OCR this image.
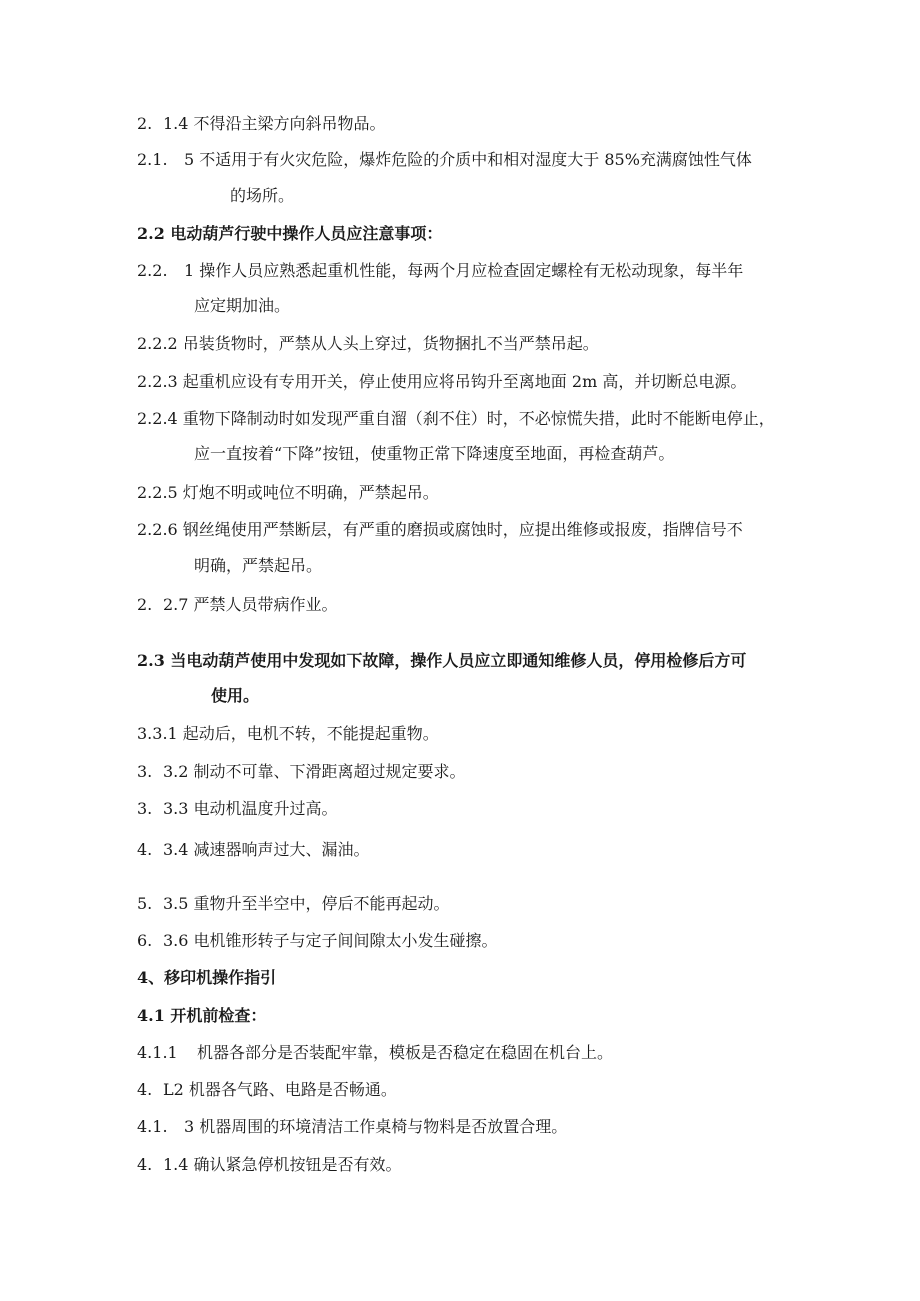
2. 1.4 不得沿主梁方向斜吊物品。
2.1. 5 不适用于有火灾危险，爆炸危险的介质中和相对湿度大于 85%充满腐蚀性气体
的场所。
2.2 电动葫芦行驶中操作人员应注意事项：
2.2. 1 操作人员应熟悉起重机性能，每两个月应检查固定螺栓有无松动现象，每半年
应定期加油。
2.2.2 吊装货物时，严禁从人头上穿过，货物捆扎不当严禁吊起。
2.2.3 起重机应设有专用开关，停止使用应将吊钩升至离地面 2m 高，并切断总电源。
2.2.4 重物下降制动时如发现严重自溜（刹不住）时，不必惊慌失措，此时不能断电停止，
应一直按着“下降”按钮，使重物正常下降速度至地面，再检查葫芦。
2.2.5 灯炮不明或吨位不明确，严禁起吊。
2.2.6 钢丝绳使用严禁断层，有严重的磨损或腐蚀时，应提出维修或报废，指牌信号不
明确，严禁起吊。
2. 2.7 严禁人员带病作业。
2.3 当电动葫芦使用中发现如下故障，操作人员应立即通知维修人员，停用检修后方可
使用。
3.3.1 起动后，电机不转，不能提起重物。
3. 3.2 制动不可靠、下滑距离超过规定要求。
3. 3.3 电动机温度升过高。
4. 3.4 减速器响声过大、漏油。
5. 3.5 重物升至半空中，停后不能再起动。
6. 3.6 电机锥形转子与定子间间隙太小发生碰擦。
4、移印机操作指引
4.1 开机前检查：
4.1.1 机器各部分是否装配牢靠，模板是否稳定在稳固在机台上。
4. L2 机器各气路、电路是否畅通。
4.1. 3 机器周围的环境清洁工作桌椅与物料是否放置合理。
4. 1.4 确认紧急停机按钮是否有效。
